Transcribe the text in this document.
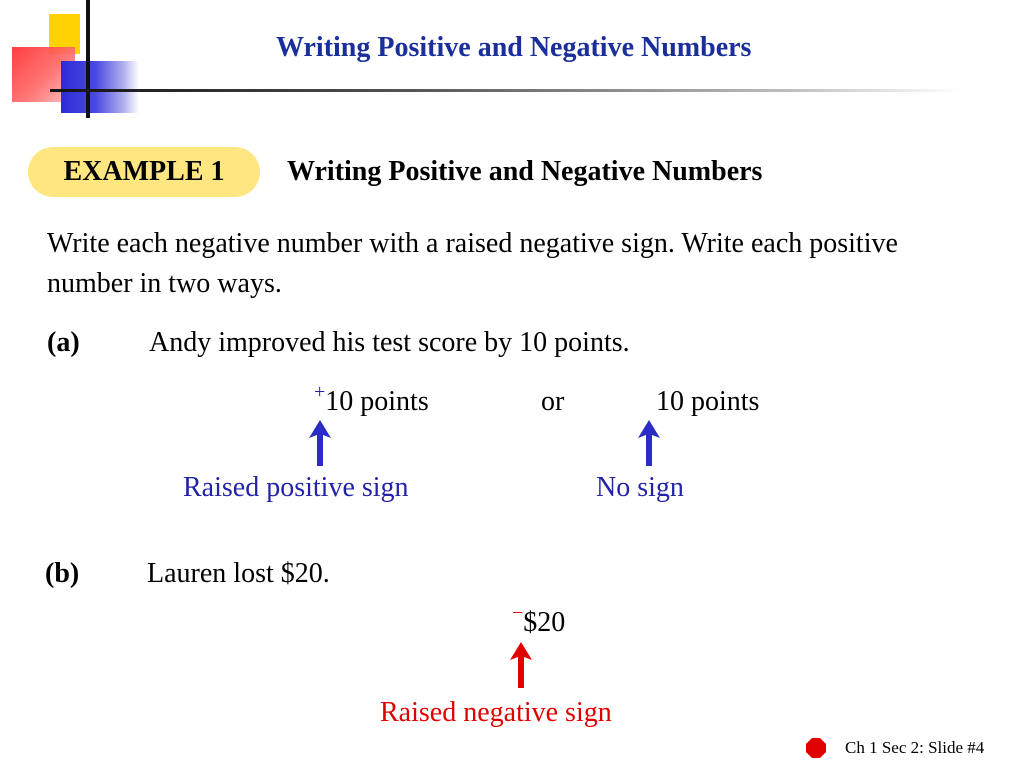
Writing Positive and Negative Numbers
EXAMPLE 1	Writing Positive and Negative Numbers
Write each negative number with a raised negative sign. Write each positive number in two ways.
(a) Andy improved his test score by 10 points.
+10 points	or	10 points
Raised positive sign	No sign
(b) Lauren lost $20.
−$20
Raised negative sign
Ch 1 Sec 2: Slide #4
